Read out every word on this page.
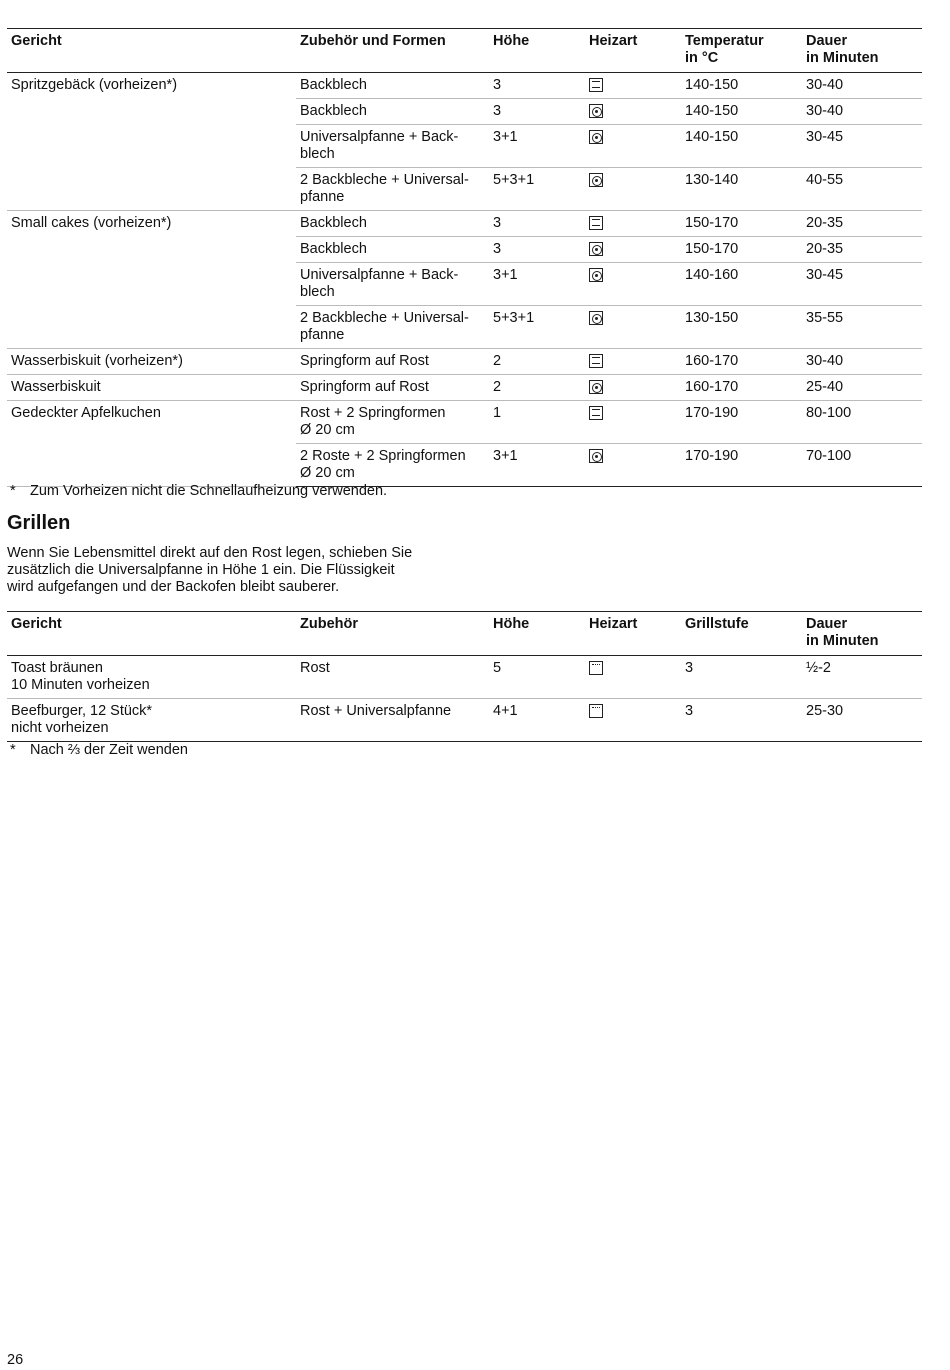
Gericht	Zubehör und Formen	Höhe	Heizart	Temperatur
in °C	Dauer
in Minuten
Spritzgebäck (vorheizen*)	Backblech	3		140-150	30-40
	Backblech	3		140-150	30-40
	Universalpfanne + Back-
blech	3+1		140-150	30-45
	2 Backbleche + Universal-
pfanne	5+3+1		130-140	40-55
Small cakes (vorheizen*)	Backblech	3		150-170	20-35
	Backblech	3		150-170	20-35
	Universalpfanne + Back-
blech	3+1		140-160	30-45
	2 Backbleche + Universal-
pfanne	5+3+1		130-150	35-55
Wasserbiskuit (vorheizen*)	Springform auf Rost	2		160-170	30-40
Wasserbiskuit	Springform auf Rost	2		160-170	25-40
Gedeckter Apfelkuchen	Rost + 2 Springformen
Ø 20 cm	1		170-190	80-100
	2 Roste + 2 Springformen
Ø 20 cm	3+1		170-190	70-100
* Zum Vorheizen nicht die Schnellaufheizung verwenden.
Grillen

Wenn Sie Lebensmittel direkt auf den Rost legen, schieben Sie
zusätzlich die Universalpfanne in Höhe 1 ein. Die Flüssigkeit
wird aufgefangen und der Backofen bleibt sauberer.

Gericht	Zubehör	Höhe	Heizart	Grillstufe	Dauer
in Minuten
Toast bräunen
10 Minuten vorheizen	Rost	5		3	½-2
Beefburger, 12 Stück*
nicht vorheizen	Rost + Universalpfanne	4+1		3	25-30
* Nach ⅔ der Zeit wenden
26
